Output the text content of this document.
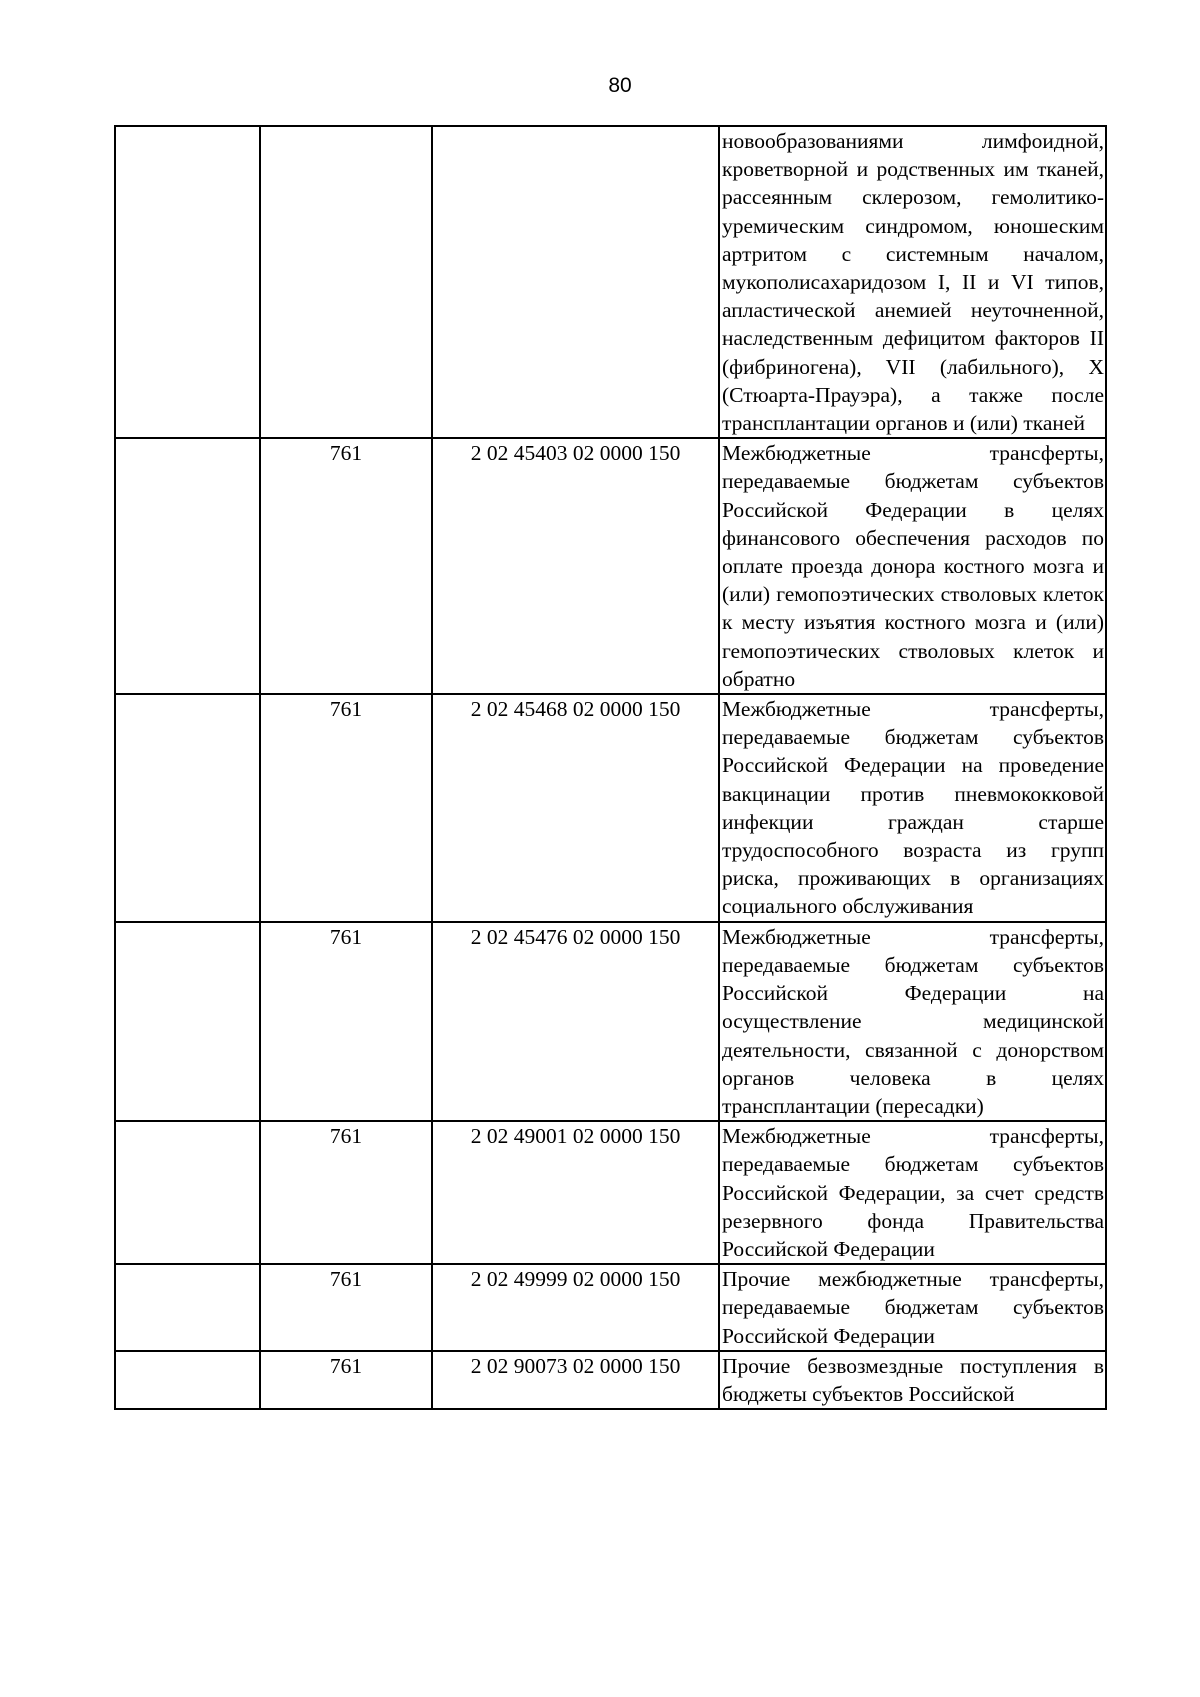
80
			новообразованиями лимфоидной, кроветворной и родственных им тканей, рассеянным склерозом, гемолитико-уремическим синдромом, юношеским артритом с системным началом, мукополисахаридозом I, II и VI типов, апластической анемией неуточненной, наследственным дефицитом факторов II (фибриногена), VII (лабильного), X (Стюарта-Прауэра), а также после трансплантации органов и (или) тканей
	761	2 02 45403 02 0000 150	Межбюджетные трансферты, передаваемые бюджетам субъектов Российской Федерации в целях финансового обеспечения расходов по оплате проезда донора костного мозга и (или) гемопоэтических стволовых клеток к месту изъятия костного мозга и (или) гемопоэтических стволовых клеток и обратно
	761	2 02 45468 02 0000 150	Межбюджетные трансферты, передаваемые бюджетам субъектов Российской Федерации на проведение вакцинации против пневмококковой инфекции граждан старше трудоспособного возраста из групп риска, проживающих в организациях социального обслуживания
	761	2 02 45476 02 0000 150	Межбюджетные трансферты, передаваемые бюджетам субъектов Российской Федерации на осуществление медицинской деятельности, связанной с донорством органов человека в целях трансплантации (пересадки)
	761	2 02 49001 02 0000 150	Межбюджетные трансферты, передаваемые бюджетам субъектов Российской Федерации, за счет средств резервного фонда Правительства Российской Федерации
	761	2 02 49999 02 0000 150	Прочие межбюджетные трансферты, передаваемые бюджетам субъектов Российской Федерации
	761	2 02 90073 02 0000 150	Прочие безвозмездные поступления в бюджеты субъектов Российской
